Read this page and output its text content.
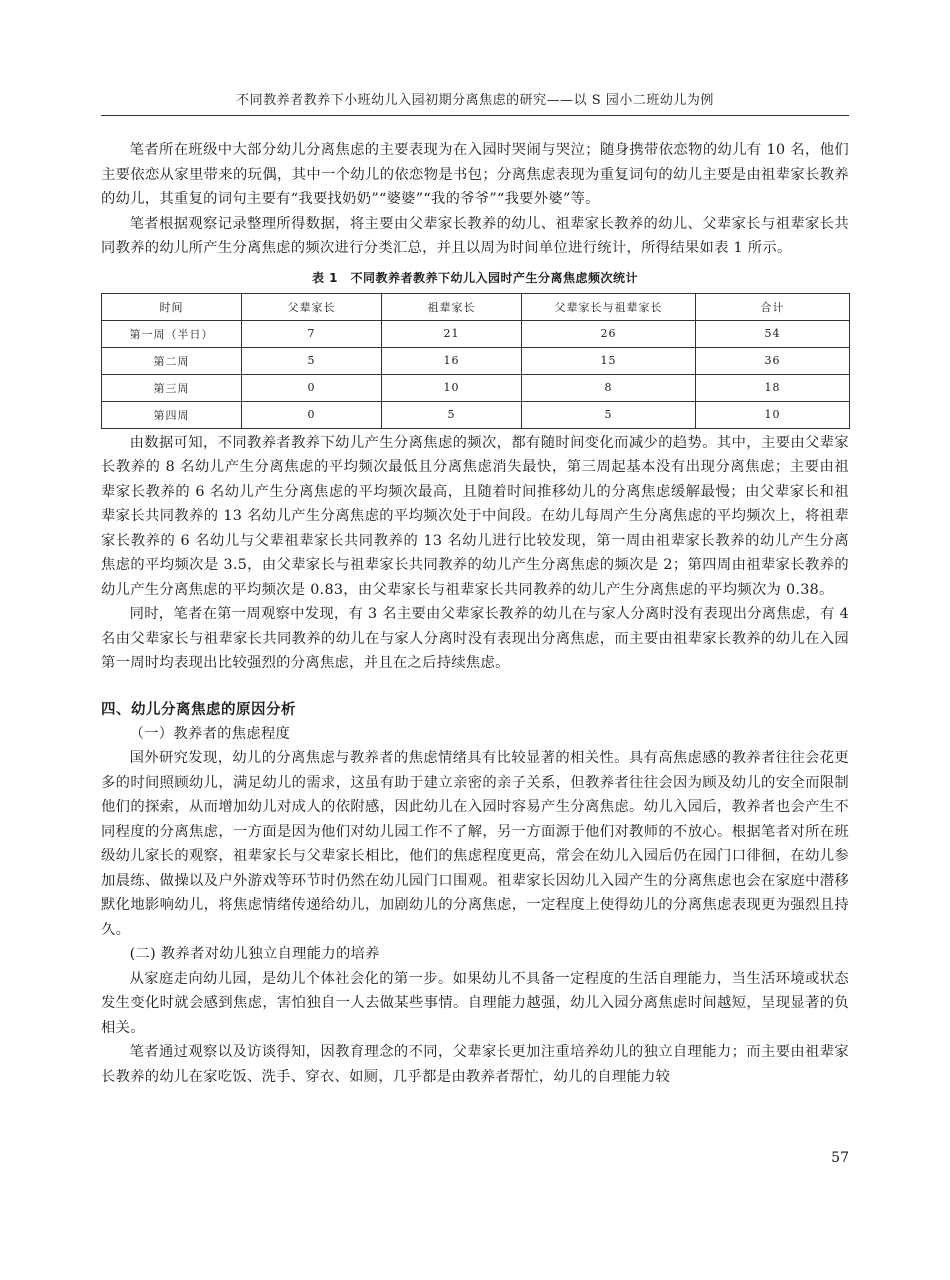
不同教养者教养下小班幼儿入园初期分离焦虑的研究——以 S 园小二班幼儿为例

笔者所在班级中大部分幼儿分离焦虑的主要表现为在入园时哭闹与哭泣；随身携带依恋物的幼儿有 10 名，他们主要依恋从家里带来的玩偶，其中一个幼儿的依恋物是书包；分离焦虑表现为重复词句的幼儿主要是由祖辈家长教养的幼儿，其重复的词句主要有“我要找奶奶”“婆婆”“我的爷爷”“我要外婆”等。

笔者根据观察记录整理所得数据，将主要由父辈家长教养的幼儿、祖辈家长教养的幼儿、父辈家长与祖辈家长共同教养的幼儿所产生分离焦虑的频次进行分类汇总，并且以周为时间单位进行统计，所得结果如表 1 所示。

表 1　不同教养者教养下幼儿入园时产生分离焦虑频次统计
时间	父辈家长	祖辈家长	父辈家长与祖辈家长	合计
第一周（半日）	7	21	26	54
第二周	5	16	15	36
第三周	0	10	8	18
第四周	0	5	5	10

由数据可知，不同教养者教养下幼儿产生分离焦虑的频次，都有随时间变化而减少的趋势。其中，主要由父辈家长教养的 8 名幼儿产生分离焦虑的平均频次最低且分离焦虑消失最快，第三周起基本没有出现分离焦虑；主要由祖辈家长教养的 6 名幼儿产生分离焦虑的平均频次最高，且随着时间推移幼儿的分离焦虑缓解最慢；由父辈家长和祖辈家长共同教养的 13 名幼儿产生分离焦虑的平均频次处于中间段。在幼儿每周产生分离焦虑的平均频次上，将祖辈家长教养的 6 名幼儿与父辈祖辈家长共同教养的 13 名幼儿进行比较发现，第一周由祖辈家长教养的幼儿产生分离焦虑的平均频次是 3.5，由父辈家长与祖辈家长共同教养的幼儿产生分离焦虑的频次是 2；第四周由祖辈家长教养的幼儿产生分离焦虑的平均频次是 0.83，由父辈家长与祖辈家长共同教养的幼儿产生分离焦虑的平均频次为 0.38。

同时，笔者在第一周观察中发现，有 3 名主要由父辈家长教养的幼儿在与家人分离时没有表现出分离焦虑，有 4 名由父辈家长与祖辈家长共同教养的幼儿在与家人分离时没有表现出分离焦虑，而主要由祖辈家长教养的幼儿在入园第一周时均表现出比较强烈的分离焦虑，并且在之后持续焦虑。

四、幼儿分离焦虑的原因分析
（一）教养者的焦虑程度

国外研究发现，幼儿的分离焦虑与教养者的焦虑情绪具有比较显著的相关性。具有高焦虑感的教养者往往会花更多的时间照顾幼儿，满足幼儿的需求，这虽有助于建立亲密的亲子关系，但教养者往往会因为顾及幼儿的安全而限制他们的探索，从而增加幼儿对成人的依附感，因此幼儿在入园时容易产生分离焦虑。幼儿入园后，教养者也会产生不同程度的分离焦虑，一方面是因为他们对幼儿园工作不了解，另一方面源于他们对教师的不放心。根据笔者对所在班级幼儿家长的观察，祖辈家长与父辈家长相比，他们的焦虑程度更高，常会在幼儿入园后仍在园门口徘徊，在幼儿参加晨练、做操以及户外游戏等环节时仍然在幼儿园门口围观。祖辈家长因幼儿入园产生的分离焦虑也会在家庭中潜移默化地影响幼儿，将焦虑情绪传递给幼儿，加剧幼儿的分离焦虑，一定程度上使得幼儿的分离焦虑表现更为强烈且持久。

(二) 教养者对幼儿独立自理能力的培养

从家庭走向幼儿园，是幼儿个体社会化的第一步。如果幼儿不具备一定程度的生活自理能力，当生活环境或状态发生变化时就会感到焦虑，害怕独自一人去做某些事情。自理能力越强，幼儿入园分离焦虑时间越短，呈现显著的负相关。

笔者通过观察以及访谈得知，因教育理念的不同，父辈家长更加注重培养幼儿的独立自理能力；而主要由祖辈家长教养的幼儿在家吃饭、洗手、穿衣、如厕，几乎都是由教养者帮忙，幼儿的自理能力较

57
